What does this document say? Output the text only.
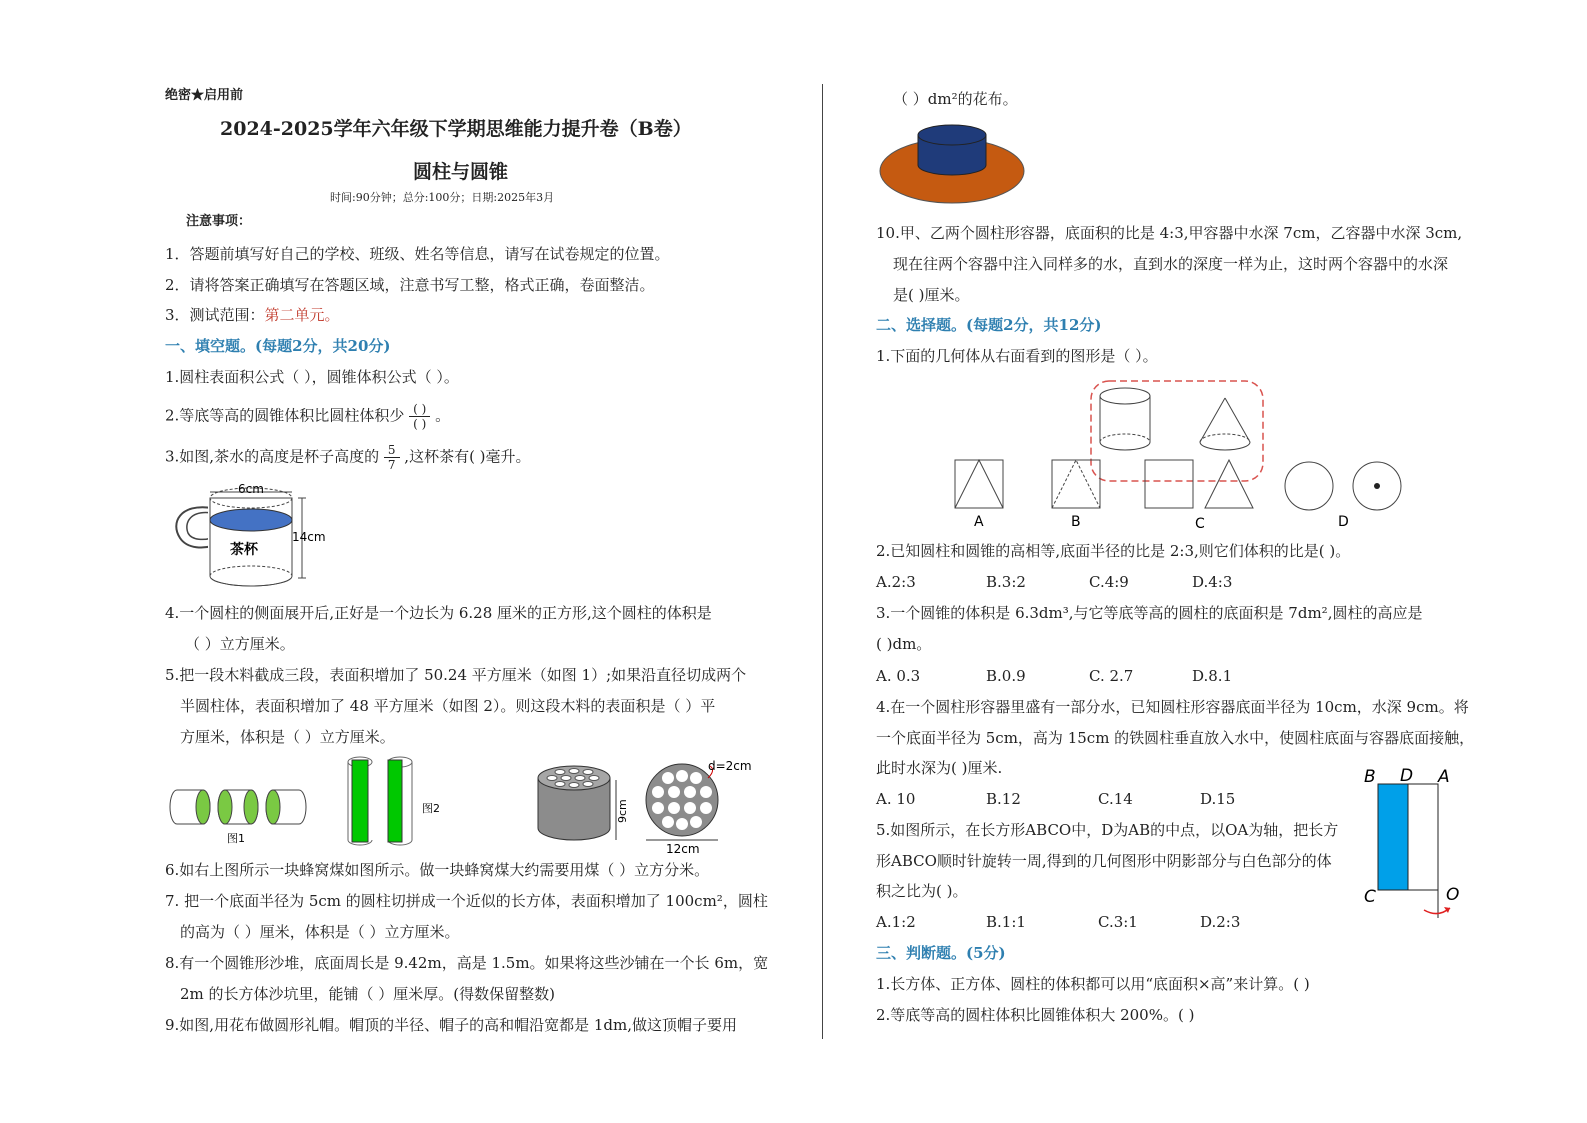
绝密★启用前
2024-2025学年六年级下学期思维能力提升卷（B卷）
圆柱与圆锥
时间:90分钟；总分:100分；日期:2025年3月
注意事项：
1．答题前填写好自己的学校、班级、姓名等信息，请写在试卷规定的位置。
2．请将答案正确填写在答题区域，注意书写工整，格式正确，卷面整洁。
3．测试范围：第二单元。
一、填空题。(每题2分，共20分)
1.圆柱表面积公式（ ），圆锥体积公式（ ）。
2.等底等高的圆锥体积比圆柱体积少 $\frac{( )}{( )}$ 。
3.如图,茶水的高度是杯子高度的 $\frac{5}{7}$ ,这杯茶有( )毫升。
6cm
14cm
茶杯
4.一个圆柱的侧面展开后,正好是一个边长为 6.28 厘米的正方形,这个圆柱的体积是
（ ）立方厘米。
5.把一段木料截成三段，表面积增加了 50.24 平方厘米（如图 1）;如果沿直径切成两个
半圆柱体，表面积增加了 48 平方厘米（如图 2）。则这段木料的表面积是（ ）平
方厘米，体积是（ ）立方厘米。
图1
图2	9cm
d=2cm
12cm
6.如右上图所示一块蜂窝煤如图所示。做一块蜂窝煤大约需要用煤（ ）立方分米。
7. 把一个底面半径为 5cm 的圆柱切拼成一个近似的长方体，表面积增加了 100cm²，圆柱
的高为（ ）厘米，体积是（ ）立方厘米。
8.有一个圆锥形沙堆，底面周长是 9.42m，高是 1.5m。如果将这些沙铺在一个长 6m，宽
2m 的长方体沙坑里，能铺（ ）厘米厚。(得数保留整数)
9.如图,用花布做圆形礼帽。帽顶的半径、帽子的高和帽沿宽都是 1dm,做这顶帽子要用
（ ）dm²的花布。
10.甲、乙两个圆柱形容器，底面积的比是 4:3,甲容器中水深 7cm，乙容器中水深 3cm,
现在往两个容器中注入同样多的水，直到水的深度一样为止，这时两个容器中的水深
是( )厘米。
二、选择题。(每题2分，共12分)
1.下面的几何体从右面看到的图形是（ ）。
A	B	C	D
2.已知圆柱和圆锥的高相等,底面半径的比是 2:3,则它们体积的比是( )。
A.2:3	B.3:2	C.4:9	D.4:3
3.一个圆锥的体积是 6.3dm³,与它等底等高的圆柱的底面积是 7dm²,圆柱的高应是
( )dm。
A. 0.3	B.0.9	C. 2.7	D.8.1
4.在一个圆柱形容器里盛有一部分水，已知圆柱形容器底面半径为 10cm，水深 9cm。将
一个底面半径为 5cm，高为 15cm 的铁圆柱垂直放入水中，使圆柱底面与容器底面接触，
此时水深为( )厘米.
A. 10	B.12	C.14	D.15
B D A
C	O
5.如图所示，在长方形ABCO中，D为AB的中点，以OA为轴，把长方
形ABCO顺时针旋转一周,得到的几何图形中阴影部分与白色部分的体
积之比为( )。
A.1:2	B.1:1	C.3:1	D.2:3
三、判断题。(5分)
1.长方体、正方体、圆柱的体积都可以用“底面积×高”来计算。( )
2.等底等高的圆柱体积比圆锥体积大 200%。( )
